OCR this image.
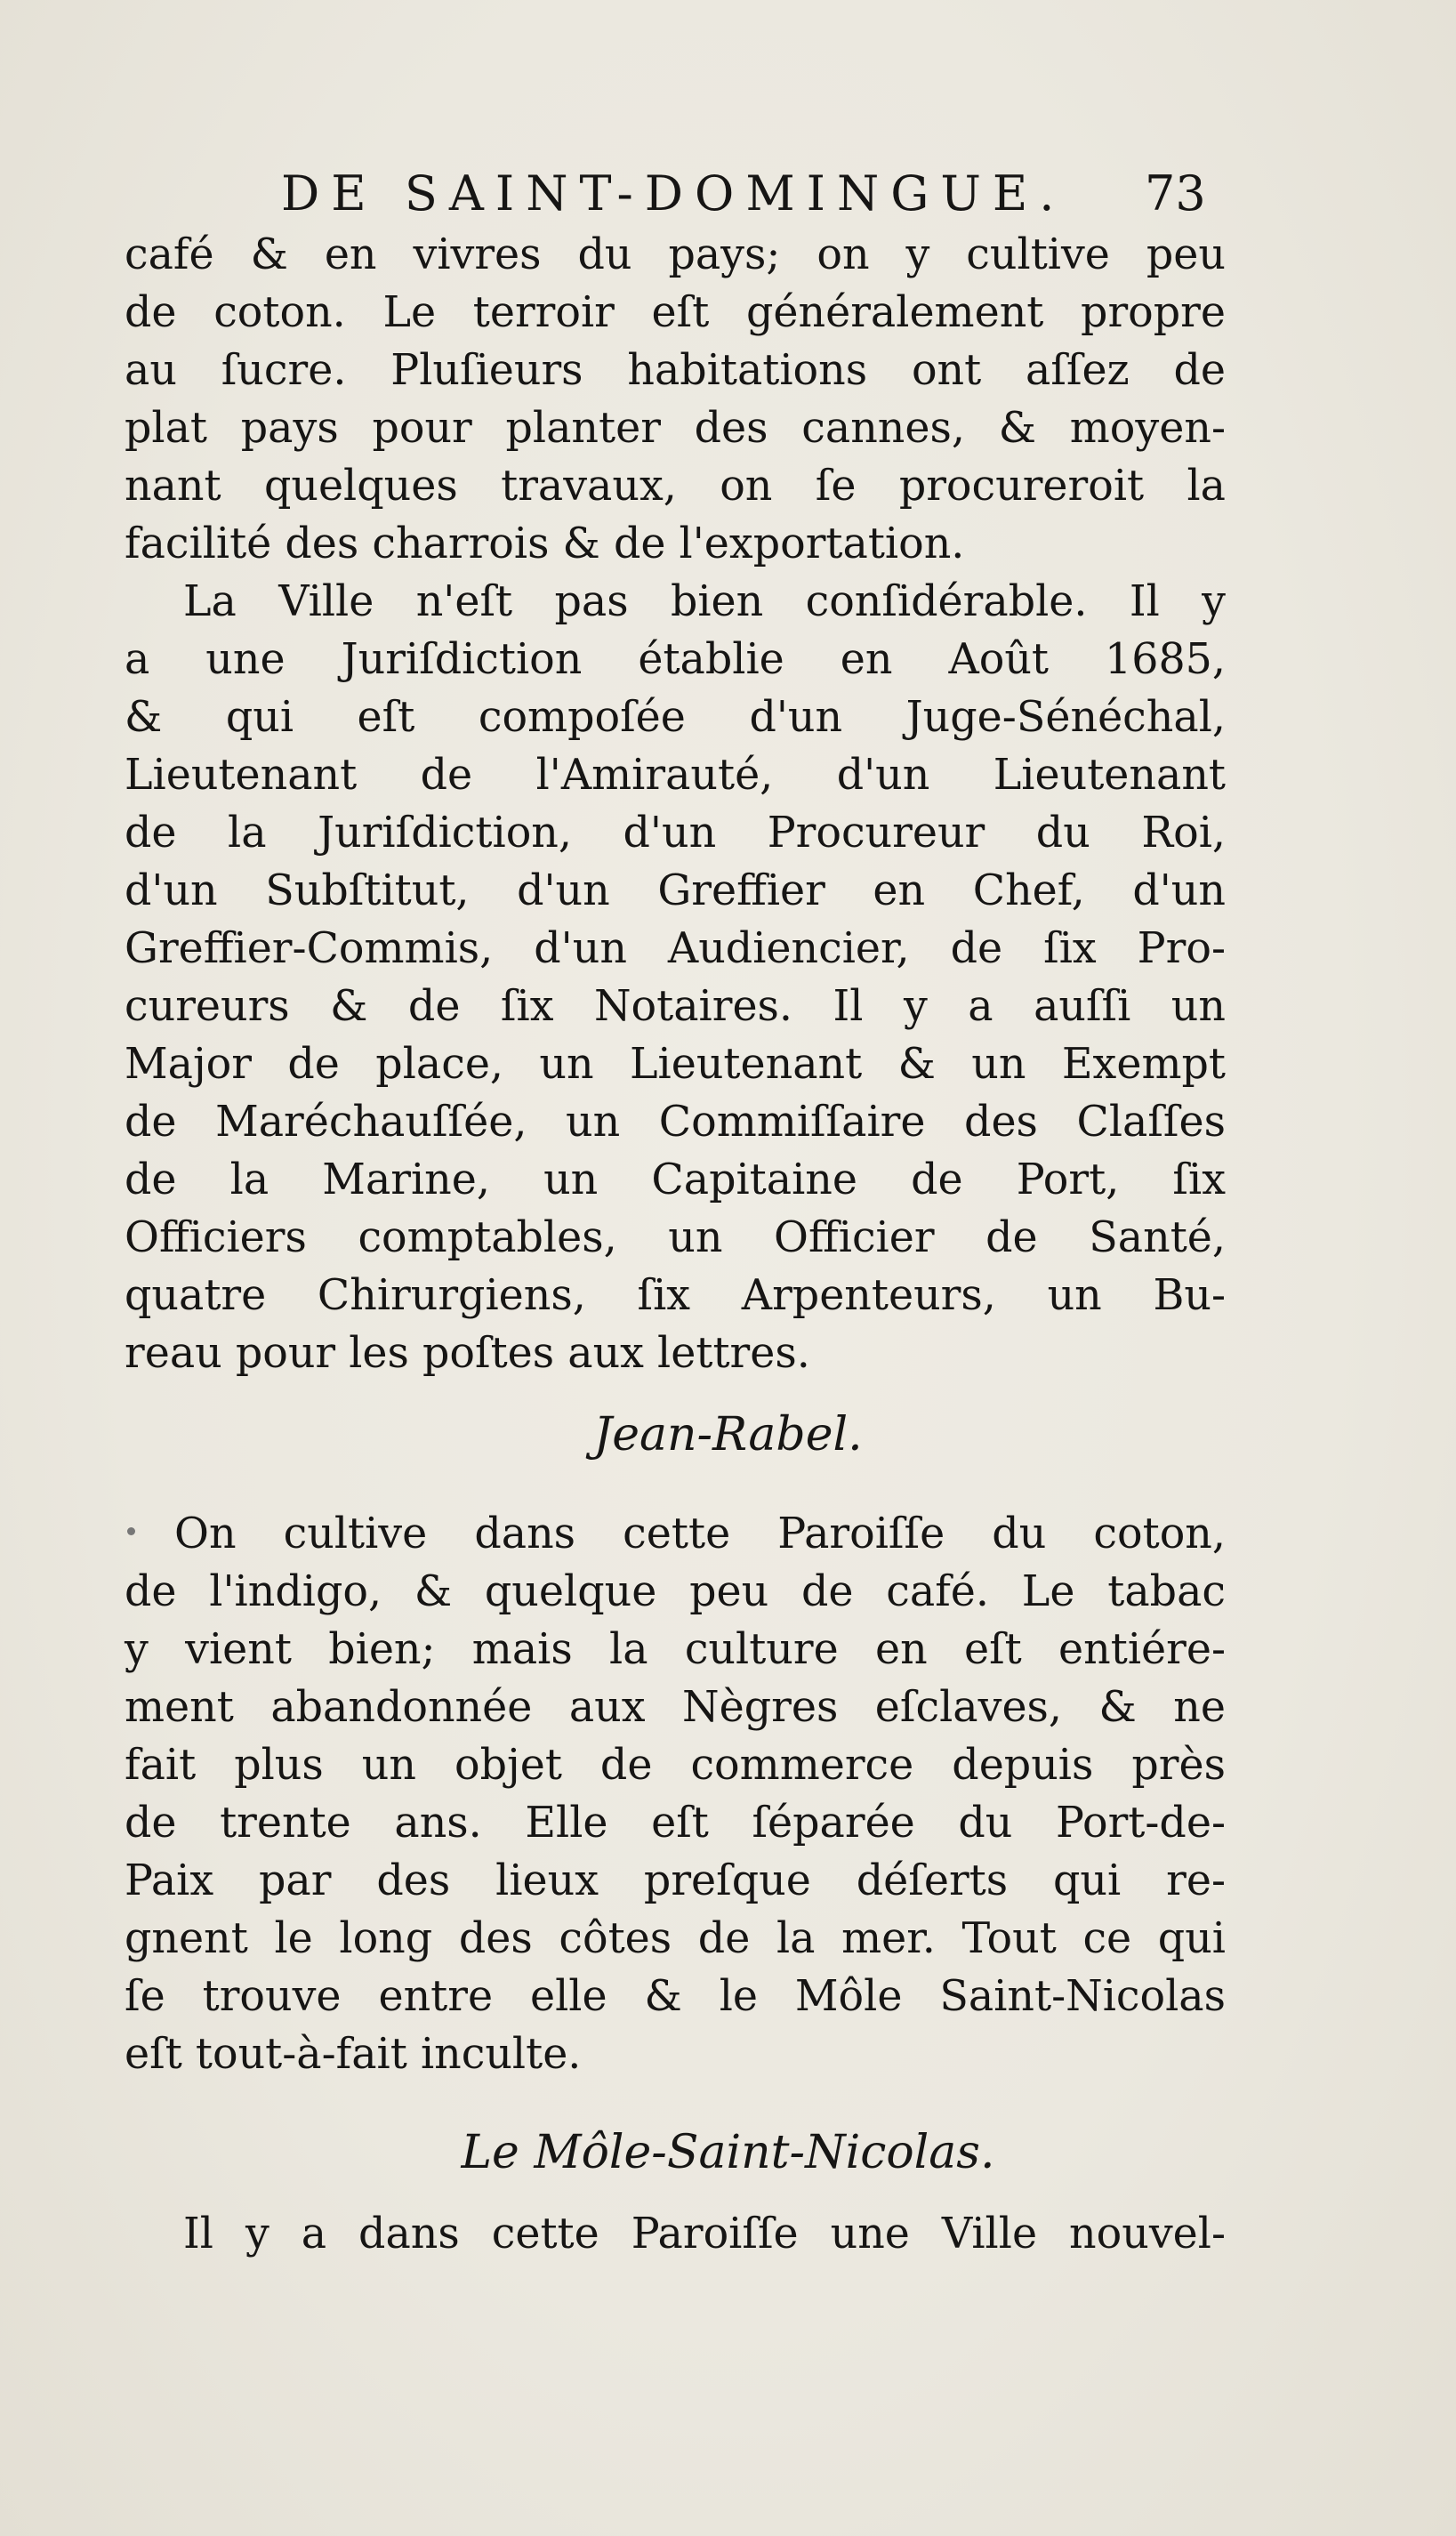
DE SAINT-DOMINGUE. 73
café & en vivres du pays; on y cultive peu
de coton. Le terroir eſt généralement propre
au ſucre. Pluſieurs habitations ont aſſez de
plat pays pour planter des cannes, & moyen-
nant quelques travaux, on ſe procureroit la
facilité des charrois & de l'exportation.
La Ville n'eſt pas bien conſidérable. Il y
a une Juriſdiction établie en Août 1685,
& qui eſt compoſée d'un Juge-Sénéchal,
Lieutenant de l'Amirauté, d'un Lieutenant
de la Juriſdiction, d'un Procureur du Roi,
d'un Subſtitut, d'un Greffier en Chef, d'un
Greffier-Commis, d'un Audiencier, de ſix Pro-
cureurs & de ſix Notaires. Il y a auſſi un
Major de place, un Lieutenant & un Exempt
de Maréchauſſée, un Commiſſaire des Claſſes
de la Marine, un Capitaine de Port, ſix
Officiers comptables, un Officier de Santé,
quatre Chirurgiens, ſix Arpenteurs, un Bu-
reau pour les poſtes aux lettres.
Jean-Rabel.
On cultive dans cette Paroiſſe du coton,
de l'indigo, & quelque peu de café. Le tabac
y vient bien; mais la culture en eſt entiére-
ment abandonnée aux Nègres eſclaves, & ne
fait plus un objet de commerce depuis près
de trente ans. Elle eſt ſéparée du Port-de-
Paix par des lieux preſque déſerts qui re-
gnent le long des côtes de la mer. Tout ce qui
ſe trouve entre elle & le Môle Saint-Nicolas
eſt tout-à-fait inculte.
Le Môle-Saint-Nicolas.
Il y a dans cette Paroiſſe une Ville nouvel-
